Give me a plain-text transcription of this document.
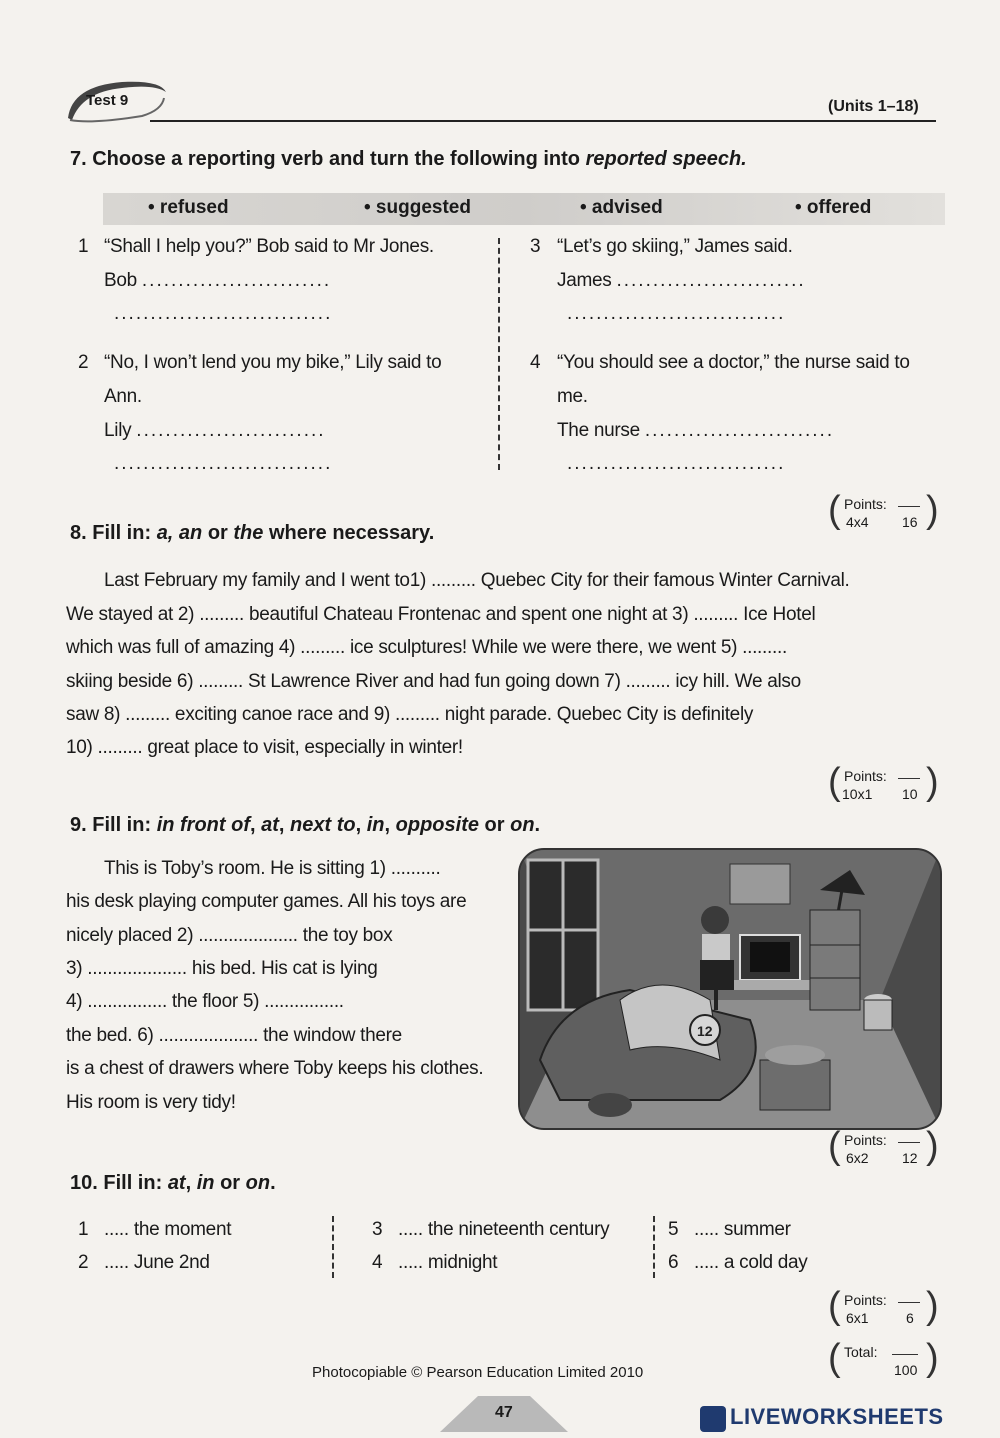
Test 9	(Units 1–18)
7. Choose a reporting verb and turn the following into reported speech.
• refused	• suggested	• advised	• offered
1 “Shall I help you?” Bob said to Mr Jones.
Bob ..........................
..............................
2 “No, I won’t lend you my bike,” Lily said to
Ann.
Lily ..........................
..............................
3 “Let’s go skiing,” James said.
James ..........................
..............................
4 “You should see a doctor,” the nurse said to
me.
The nurse ..........................
..............................
( Points:
4x4 16 )
8. Fill in: a, an or the where necessary.
Last February my family and I went to1) ......... Quebec City for their famous Winter Carnival.
We stayed at 2) ......... beautiful Chateau Frontenac and spent one night at 3) ......... Ice Hotel
which was full of amazing 4) ......... ice sculptures! While we were there, we went 5) .........
skiing beside 6) ......... St Lawrence River and had fun going down 7) ......... icy hill. We also
saw 8) ......... exciting canoe race and 9) ......... night parade. Quebec City is definitely
10) ......... great place to visit, especially in winter!
( Points:
10x1 10 )
9. Fill in: in front of, at, next to, in, opposite or on.
This is Toby’s room. He is sitting 1) ..........
his desk playing computer games. All his toys are
nicely placed 2) .................... the toy box
3) .................... his bed. His cat is lying
4) ................ the floor 5) ................
the bed. 6) .................... the window there
is a chest of drawers where Toby keeps his clothes.
His room is very tidy!
12
( Points:
6x2 12 )
10. Fill in: at, in or on.
1 ..... the moment
2 ..... June 2nd
3 ..... the nineteenth century
4 ..... midnight
5 ..... summer
6 ..... a cold day
( Points:
6x1	6 )
( Total:
100 )
Photocopiable © Pearson Education Limited 2010
47	LIVEWORKSHEETS
